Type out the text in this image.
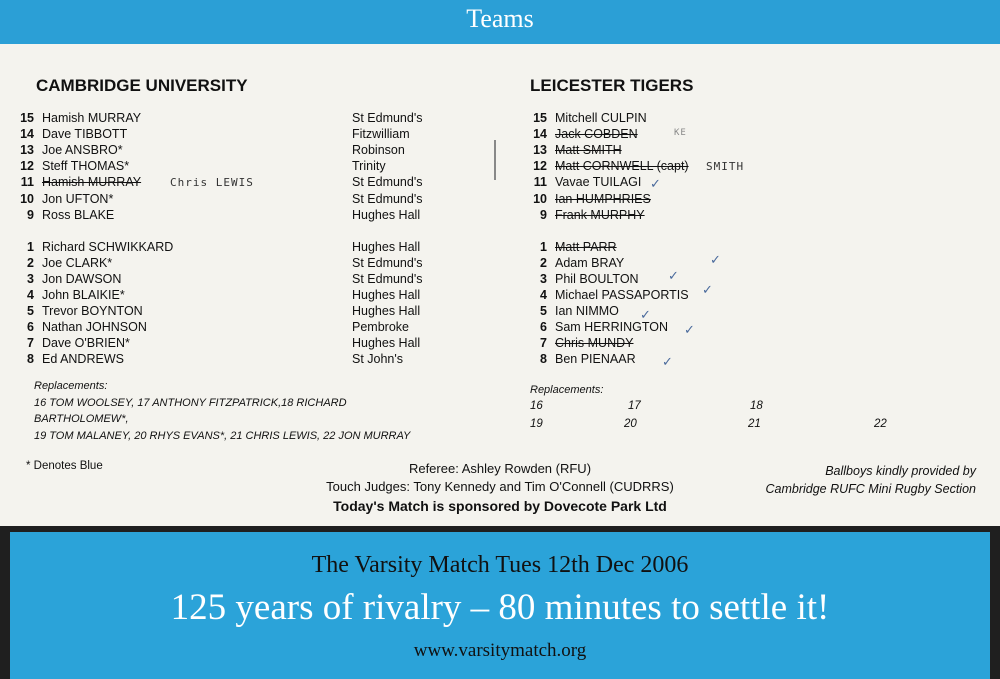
Teams
CAMBRIDGE UNIVERSITY
15 Hamish MURRAY	St Edmund's
14 Dave TIBBOTT	Fitzwilliam
13 Joe ANSBRO*	Robinson
12 Steff THOMAS*	Trinity
11 Hamish MURRAY	St Edmund's
10 Jon UFTON*	St Edmund's
9 Ross BLAKE	Hughes Hall
1 Richard SCHWIKKARD	Hughes Hall
2 Joe CLARK*	St Edmund's
3 Jon DAWSON	St Edmund's
4 John BLAIKIE*	Hughes Hall
5 Trevor BOYNTON	Hughes Hall
6 Nathan JOHNSON	Pembroke
7 Dave O'BRIEN*	Hughes Hall
8 Ed ANDREWS	St John's
Chris LEWIS
Replacements:
16 TOM WOOLSEY, 17 ANTHONY FITZPATRICK,18 RICHARD
BARTHOLOMEW*,
19 TOM MALANEY, 20 RHYS EVANS*, 21 CHRIS LEWIS, 22 JON MURRAY
* Denotes Blue
LEICESTER TIGERS
15 Mitchell CULPIN
14 Jack COBDEN
13 Matt SMITH
12 Matt CORNWELL (capt)
11 Vavae TUILAGI
10 Ian HUMPHRIES
9 Frank MURPHY
1 Matt PARR
2 Adam BRAY
3 Phil BOULTON
4 Michael PASSAPORTIS
5 Ian NIMMO
6 Sam HERRINGTON
7 Chris MUNDY
8 Ben PIENAAR
SMITH
KE
Replacements:
16	17	18
19	20	21	22
Referee: Ashley Rowden (RFU)
Touch Judges: Tony Kennedy and Tim O'Connell (CUDRRS)
Today's Match is sponsored by Dovecote Park Ltd
Ballboys kindly provided by
Cambridge RUFC Mini Rugby Section
The Varsity Match Tues 12th Dec 2006
125 years of rivalry – 80 minutes to settle it!
www.varsitymatch.org
✓
✓
✓
✓
✓
✓
✓
